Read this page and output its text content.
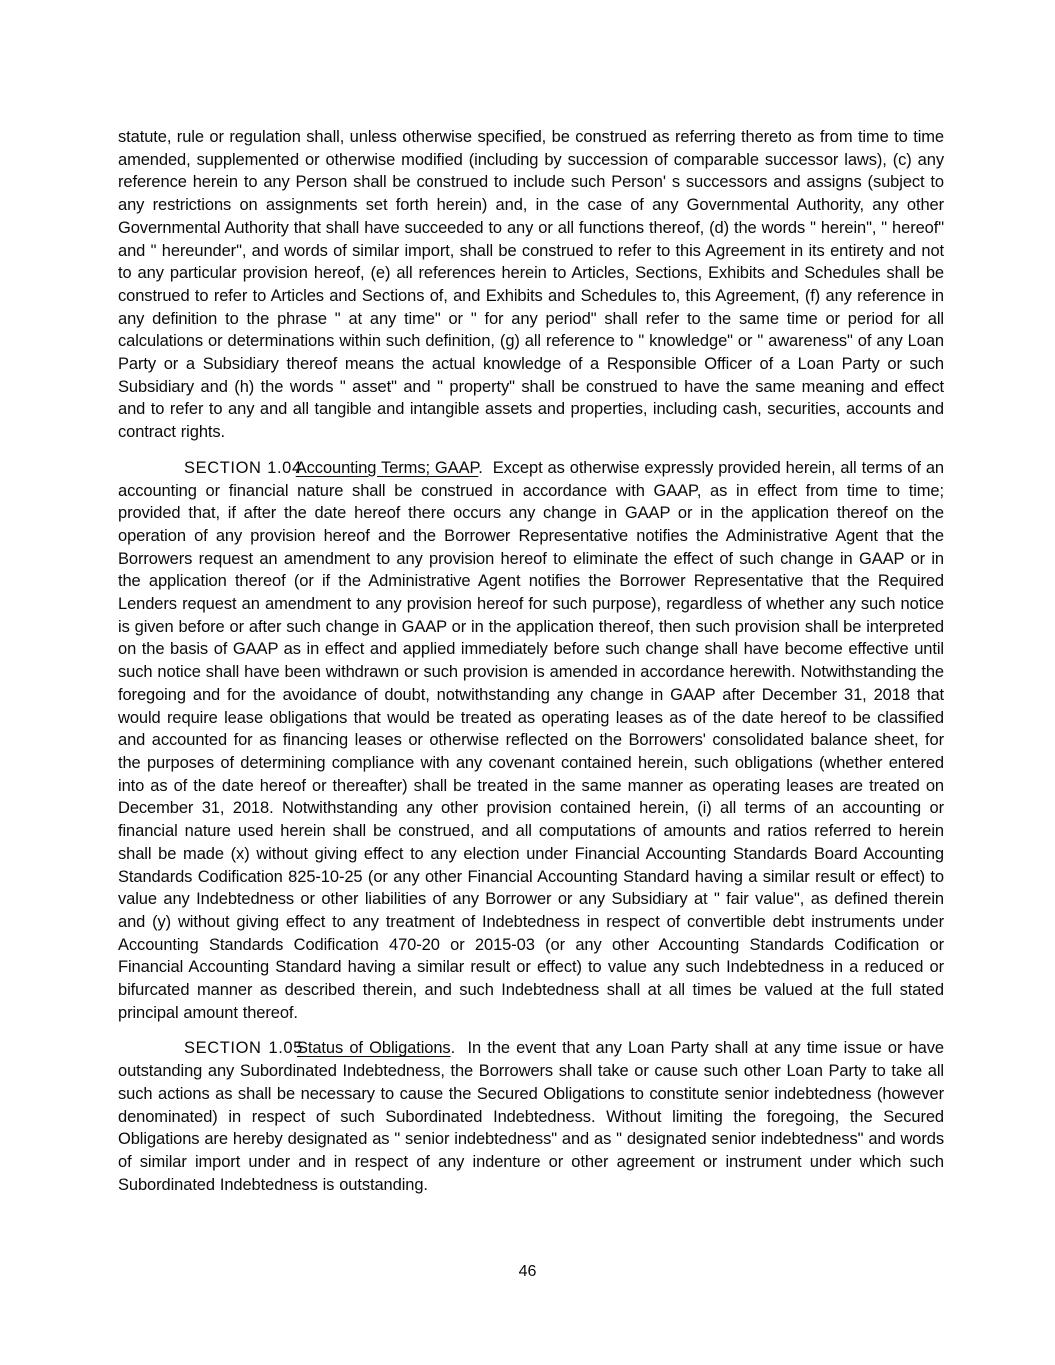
statute, rule or regulation shall, unless otherwise specified, be construed as referring thereto as from time to time amended, supplemented or otherwise modified (including by succession of comparable successor laws), (c) any reference herein to any Person shall be construed to include such Person' s successors and assigns (subject to any restrictions on assignments set forth herein) and, in the case of any Governmental Authority, any other Governmental Authority that shall have succeeded to any or all functions thereof, (d) the words " herein", " hereof" and " hereunder", and words of similar import, shall be construed to refer to this Agreement in its entirety and not to any particular provision hereof, (e) all references herein to Articles, Sections, Exhibits and Schedules shall be construed to refer to Articles and Sections of, and Exhibits and Schedules to, this Agreement, (f) any reference in any definition to the phrase " at any time" or " for any period" shall refer to the same time or period for all calculations or determinations within such definition, (g) all reference to " knowledge" or " awareness" of any Loan Party or a Subsidiary thereof means the actual knowledge of a Responsible Officer of a Loan Party or such Subsidiary and (h) the words " asset" and " property" shall be construed to have the same meaning and effect and to refer to any and all tangible and intangible assets and properties, including cash, securities, accounts and contract rights.

SECTION 1.04Accounting Terms; GAAP. Except as otherwise expressly provided herein, all terms of an accounting or financial nature shall be construed in accordance with GAAP, as in effect from time to time; provided that, if after the date hereof there occurs any change in GAAP or in the application thereof on the operation of any provision hereof and the Borrower Representative notifies the Administrative Agent that the Borrowers request an amendment to any provision hereof to eliminate the effect of such change in GAAP or in the application thereof (or if the Administrative Agent notifies the Borrower Representative that the Required Lenders request an amendment to any provision hereof for such purpose), regardless of whether any such notice is given before or after such change in GAAP or in the application thereof, then such provision shall be interpreted on the basis of GAAP as in effect and applied immediately before such change shall have become effective until such notice shall have been withdrawn or such provision is amended in accordance herewith. Notwithstanding the foregoing and for the avoidance of doubt, notwithstanding any change in GAAP after December 31, 2018 that would require lease obligations that would be treated as operating leases as of the date hereof to be classified and accounted for as financing leases or otherwise reflected on the Borrowers' consolidated balance sheet, for the purposes of determining compliance with any covenant contained herein, such obligations (whether entered into as of the date hereof or thereafter) shall be treated in the same manner as operating leases are treated on December 31, 2018. Notwithstanding any other provision contained herein, (i) all terms of an accounting or financial nature used herein shall be construed, and all computations of amounts and ratios referred to herein shall be made (x) without giving effect to any election under Financial Accounting Standards Board Accounting Standards Codification 825-10-25 (or any other Financial Accounting Standard having a similar result or effect) to value any Indebtedness or other liabilities of any Borrower or any Subsidiary at " fair value", as defined therein and (y) without giving effect to any treatment of Indebtedness in respect of convertible debt instruments under Accounting Standards Codification 470-20 or 2015-03 (or any other Accounting Standards Codification or Financial Accounting Standard having a similar result or effect) to value any such Indebtedness in a reduced or bifurcated manner as described therein, and such Indebtedness shall at all times be valued at the full stated principal amount thereof.

SECTION 1.05Status of Obligations. In the event that any Loan Party shall at any time issue or have outstanding any Subordinated Indebtedness, the Borrowers shall take or cause such other Loan Party to take all such actions as shall be necessary to cause the Secured Obligations to constitute senior indebtedness (however denominated) in respect of such Subordinated Indebtedness. Without limiting the foregoing, the Secured Obligations are hereby designated as " senior indebtedness" and as " designated senior indebtedness" and words of similar import under and in respect of any indenture or other agreement or instrument under which such Subordinated Indebtedness is outstanding.

46
